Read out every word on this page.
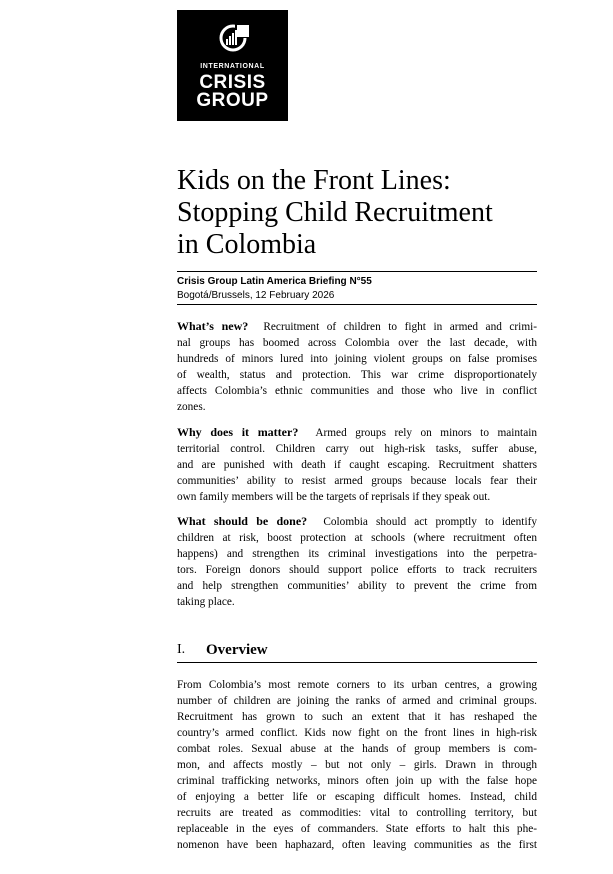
INTERNATIONAL
CRISIS
GROUP
Kids on the Front Lines:
Stopping Child Recruitment
in Colombia
Crisis Group Latin America Briefing N°55
Bogotá/Brussels, 12 February 2026

What’s new? Recruitment of children to fight in armed and crimi-
nal groups has boomed across Colombia over the last decade, with
hundreds of minors lured into joining violent groups on false promises
of wealth, status and protection. This war crime disproportionately
affects Colombia’s ethnic communities and those who live in conflict
zones.

Why does it matter? Armed groups rely on minors to maintain
territorial control. Children carry out high-risk tasks, suffer abuse,
and are punished with death if caught escaping. Recruitment shatters
communities’ ability to resist armed groups because locals fear their
own family members will be the targets of reprisals if they speak out.

What should be done? Colombia should act promptly to identify
children at risk, boost protection at schools (where recruitment often
happens) and strengthen its criminal investigations into the perpetra-
tors. Foreign donors should support police efforts to track recruiters
and help strengthen communities’ ability to prevent the crime from
taking place.

I. Overview

From Colombia’s most remote corners to its urban centres, a growing
number of children are joining the ranks of armed and criminal groups.
Recruitment has grown to such an extent that it has reshaped the
country’s armed conflict. Kids now fight on the front lines in high-risk
combat roles. Sexual abuse at the hands of group members is com-
mon, and affects mostly – but not only – girls. Drawn in through
criminal trafficking networks, minors often join up with the false hope
of enjoying a better life or escaping difficult homes. Instead, child
recruits are treated as commodities: vital to controlling territory, but
replaceable in the eyes of commanders. State efforts to halt this phe-
nomenon have been haphazard, often leaving communities as the first
